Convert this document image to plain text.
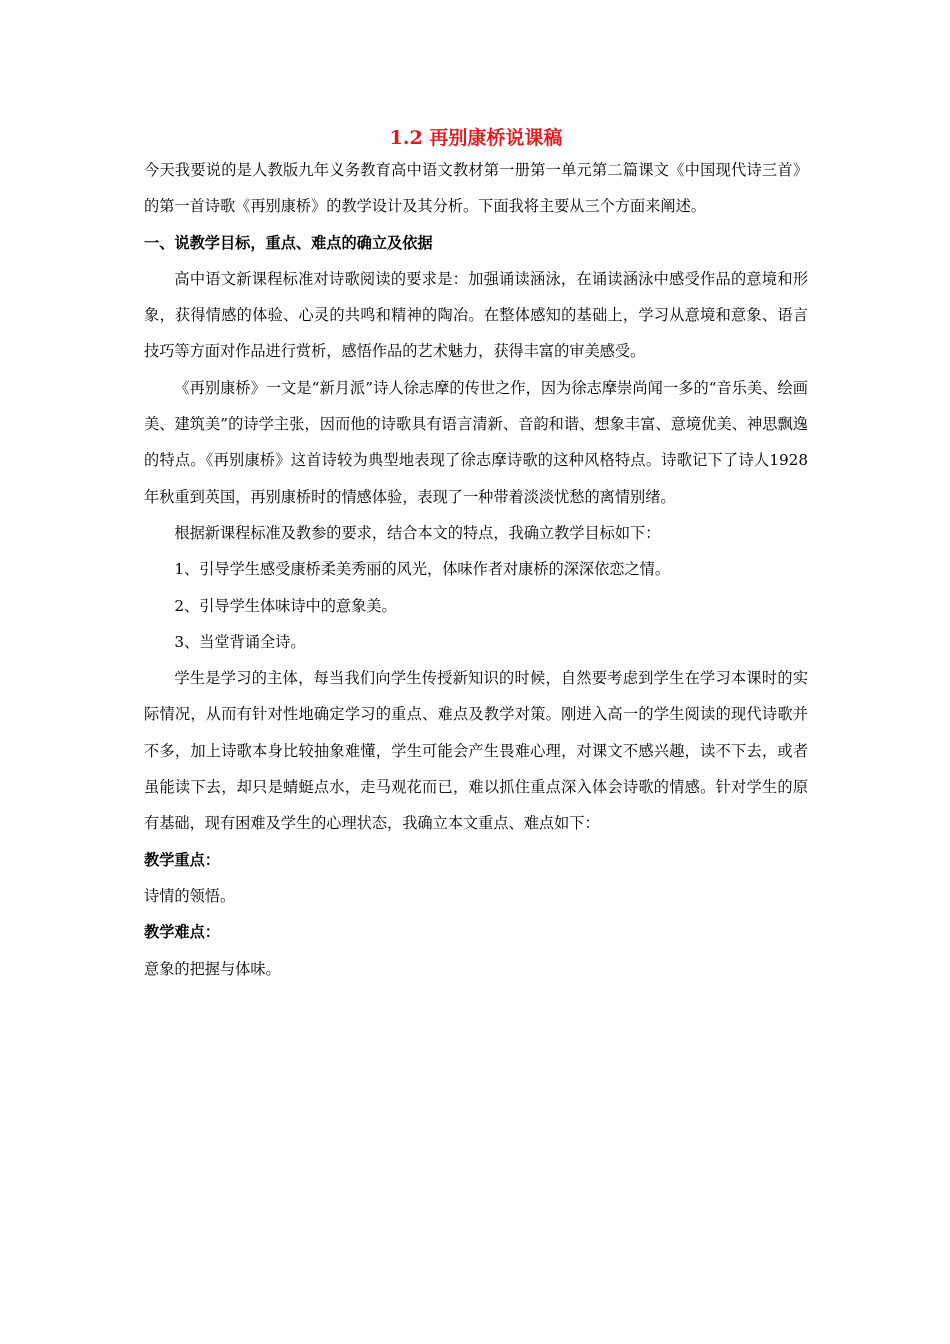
1.2 再别康桥说课稿

今天我要说的是人教版九年义务教育高中语文教材第一册第一单元第二篇课文《中国现代诗三首》的第一首诗歌《再别康桥》的教学设计及其分析。下面我将主要从三个方面来阐述。

一、说教学目标，重点、难点的确立及依据

高中语文新课程标准对诗歌阅读的要求是：加强诵读涵泳，在诵读涵泳中感受作品的意境和形象，获得情感的体验、心灵的共鸣和精神的陶冶。在整体感知的基础上，学习从意境和意象、语言技巧等方面对作品进行赏析，感悟作品的艺术魅力，获得丰富的审美感受。

《再别康桥》一文是“新月派”诗人徐志摩的传世之作，因为徐志摩崇尚闻一多的“音乐美、绘画美、建筑美”的诗学主张，因而他的诗歌具有语言清新、音韵和谐、想象丰富、意境优美、神思飘逸的特点。《再别康桥》这首诗较为典型地表现了徐志摩诗歌的这种风格特点。诗歌记下了诗人1928年秋重到英国，再别康桥时的情感体验，表现了一种带着淡淡忧愁的离情别绪。

根据新课程标准及教参的要求，结合本文的特点，我确立教学目标如下：

1、引导学生感受康桥柔美秀丽的风光，体味作者对康桥的深深依恋之情。

2、引导学生体味诗中的意象美。

3、当堂背诵全诗。

学生是学习的主体，每当我们向学生传授新知识的时候，自然要考虑到学生在学习本课时的实际情况，从而有针对性地确定学习的重点、难点及教学对策。刚进入高一的学生阅读的现代诗歌并不多，加上诗歌本身比较抽象难懂，学生可能会产生畏难心理，对课文不感兴趣，读不下去，或者虽能读下去，却只是蜻蜓点水，走马观花而已，难以抓住重点深入体会诗歌的情感。针对学生的原有基础，现有困难及学生的心理状态，我确立本文重点、难点如下：

教学重点：

诗情的领悟。

教学难点：

意象的把握与体味。
